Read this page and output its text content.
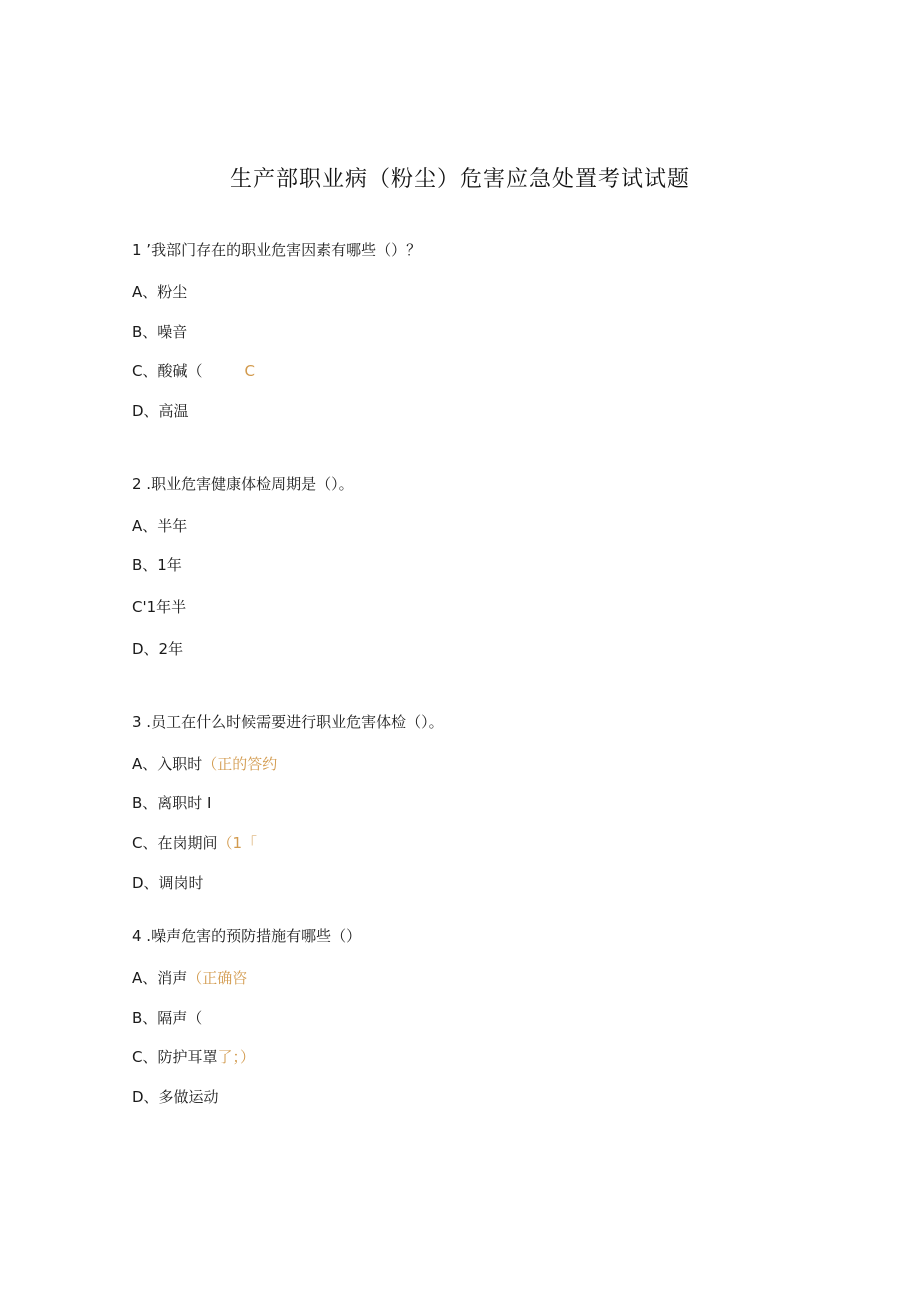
生产部职业病（粉尘）危害应急处置考试试题
1 ’我部门存在的职业危害因素有哪些（）？
A、粉尘
B、噪音
C、酸碱（	C
D、高温
2 .职业危害健康体检周期是（）。
A、半年
B、1年
C'1年半
D、2年
3 .员工在什么时候需要进行职业危害体检（）。
A、入职时（正的答约
B、离职时 I
C、在岗期间（1「
D、调岗时
4 .噪声危害的预防措施有哪些（）
A、消声（正确咨
B、隔声（
C、防护耳罩了；）
D、多做运动
